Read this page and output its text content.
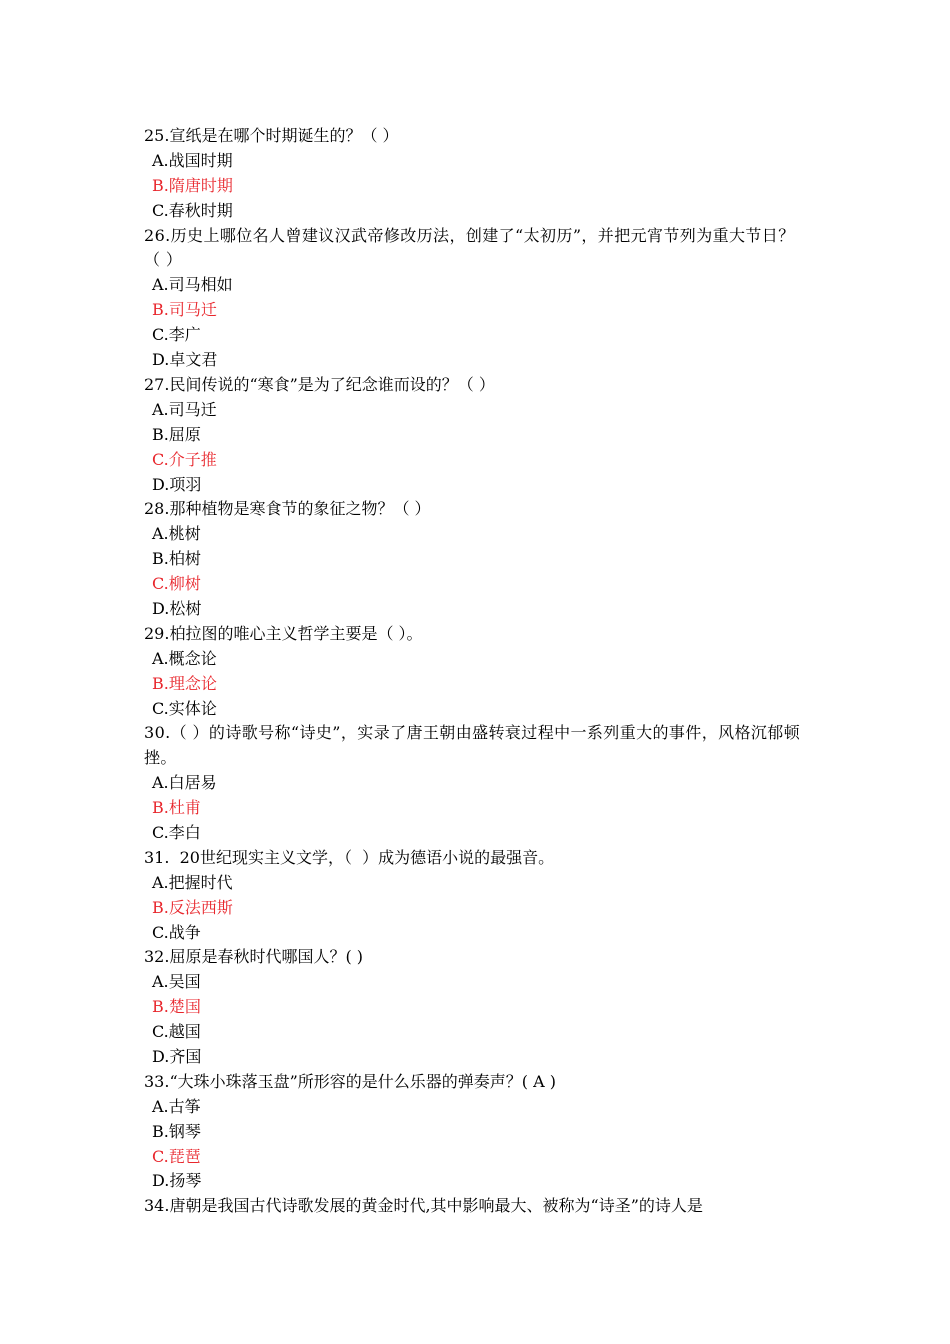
25.宣纸是在哪个时期诞生的？（ ）
A.战国时期
B.隋唐时期
C.春秋时期
26.历史上哪位名人曾建议汉武帝修改历法，创建了“太初历”，并把元宵节列为重大节日？（ ）
A.司马相如
B.司马迁
C.李广
D.卓文君
27.民间传说的“寒食”是为了纪念谁而设的？（ ）
A.司马迁
B.屈原
C.介子推
D.项羽
28.那种植物是寒食节的象征之物？（ ）
A.桃树
B.柏树
C.柳树
D.松树
29.柏拉图的唯心主义哲学主要是（ ）。
A.概念论
B.理念论
C.实体论
30.（ ）的诗歌号称“诗史”，实录了唐王朝由盛转衰过程中一系列重大的事件，风格沉郁顿挫。
A.白居易
B.杜甫
C.李白
31.  20世纪现实主义文学，（  ）成为德语小说的最强音。
A.把握时代
B.反法西斯
C.战争
32.屈原是春秋时代哪国人？( )
A.吴国
B.楚国
C.越国
D.齐国
33.“大珠小珠落玉盘”所形容的是什么乐器的弹奏声？( A )
A.古筝
B.钢琴
C.琵琶
D.扬琴
34.唐朝是我国古代诗歌发展的黄金时代,其中影响最大、被称为“诗圣”的诗人是
